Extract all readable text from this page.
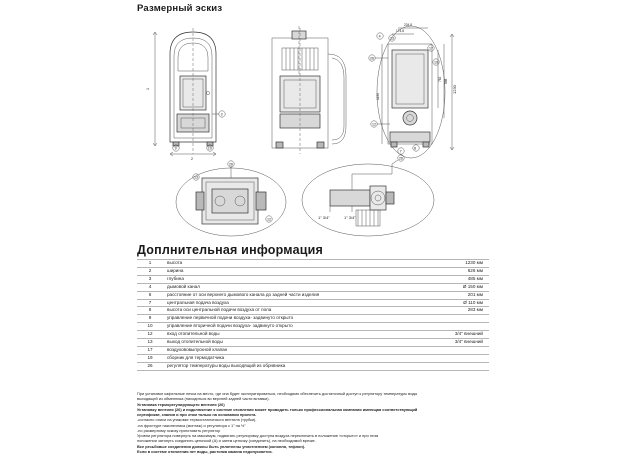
Размерный эскиз
1
2
9	10
3
174,8
234,8
1230
888
762
1130
4	13
17
19
26
12
8
7
26
13
12
26
1" 3/4"	1" 3/4"
Доплнительная информация
1	высота	1230 мм
2	ширина	626 мм
3	глубина	485 мм
4	дымовой канал	Ø 150 мм
6	расстояние от оси верхнего дымового канала до задней части изделия	201 мм
7	центральная подача воздуха	Ø 110 мм
8	высота оси центральной подачи воздуха от пола	283 мм
9	управление первичной подачи воздуха- задвинуто открыто	
10	управление вторичной подачи воздуха- задвинуто открыто	
12	вход отопительной воды	3/4" внешний
13	выход отопительной воды	3/4" внешний
17	воздухововыпускной клапан	
19	сборник для термодатчика	
26	регулятор температуры воды выходящий из обрнвника	

При установке кафельные печка на место, где она будет эксплуатироваться, необходимо обеспечить достаточный доступ к регулятору температуры воды

выходящей из обменника (находиться во верхней задней части вставки).

Установка терморегулирующего вентиля (26)

Установку вентиля (26) и подключение к системе отопления может проводить только профессиональная компания имеющая соответствующий

сертификат, знания и при этом только на основании проекта.

-согласно описи на упаковке термостатического вентиля (трубки),

-на фронтуре наконечника (монтаж) и регулятора с 1" на ½"

-по размерному эскизу приготовить регулятор

Уровни регулятора повернуть на максимум, подвигать регулировку доступа воздуха переключить в положение «открыто» и при этом

положении затянуть соединить цепочкой (А) и затем цепочку (соединить), на необходимой врезке.

Все резьбовые соединения должны быть уплотнены уплотнением (конопля, тефлон).

Если в системе отопления нет воды, растопка камина недопускается.
